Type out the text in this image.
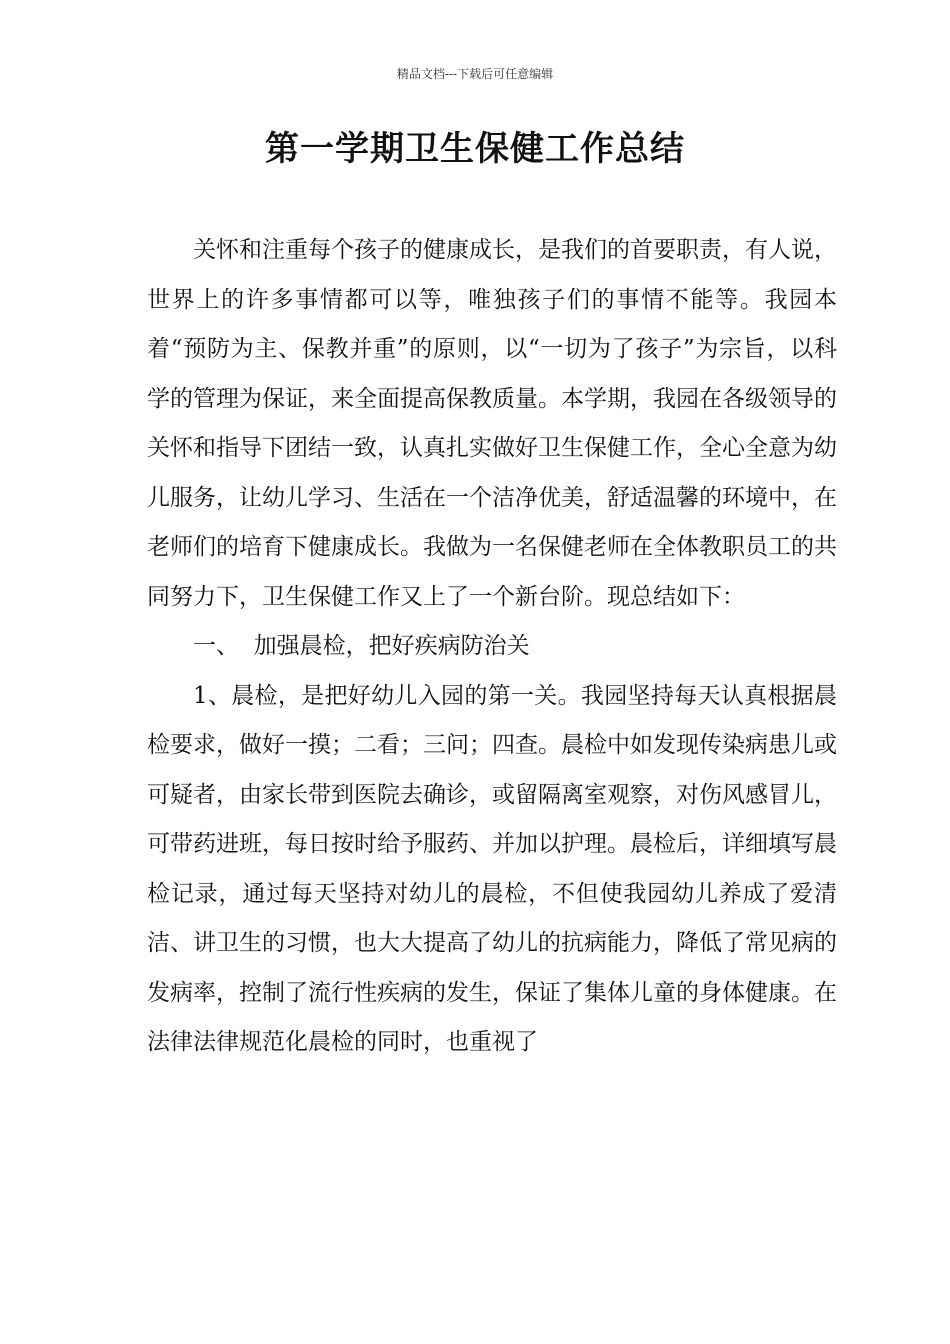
精品文档---下载后可任意编辑
第一学期卫生保健工作总结

关怀和注重每个孩子的健康成长，是我们的首要职责，有人说，世界上的许多事情都可以等，唯独孩子们的事情不能等。我园本着“预防为主、保教并重”的原则，以“一切为了孩子”为宗旨，以科学的管理为保证，来全面提高保教质量。本学期，我园在各级领导的关怀和指导下团结一致，认真扎实做好卫生保健工作，全心全意为幼儿服务，让幼儿学习、生活在一个洁净优美，舒适温馨的环境中，在老师们的培育下健康成长。我做为一名保健老师在全体教职员工的共同努力下，卫生保健工作又上了一个新台阶。现总结如下：

一、  加强晨检，把好疾病防治关

1、晨检，是把好幼儿入园的第一关。我园坚持每天认真根据晨检要求，做好一摸；二看；三问；四查。晨检中如发现传染病患儿或可疑者，由家长带到医院去确诊，或留隔离室观察，对伤风感冒儿，可带药进班，每日按时给予服药、并加以护理。晨检后，详细填写晨检记录，通过每天坚持对幼儿的晨检，不但使我园幼儿养成了爱清洁、讲卫生的习惯，也大大提高了幼儿的抗病能力，降低了常见病的发病率，控制了流行性疾病的发生，保证了集体儿童的身体健康。在法律法律规范化晨检的同时，也重视了
